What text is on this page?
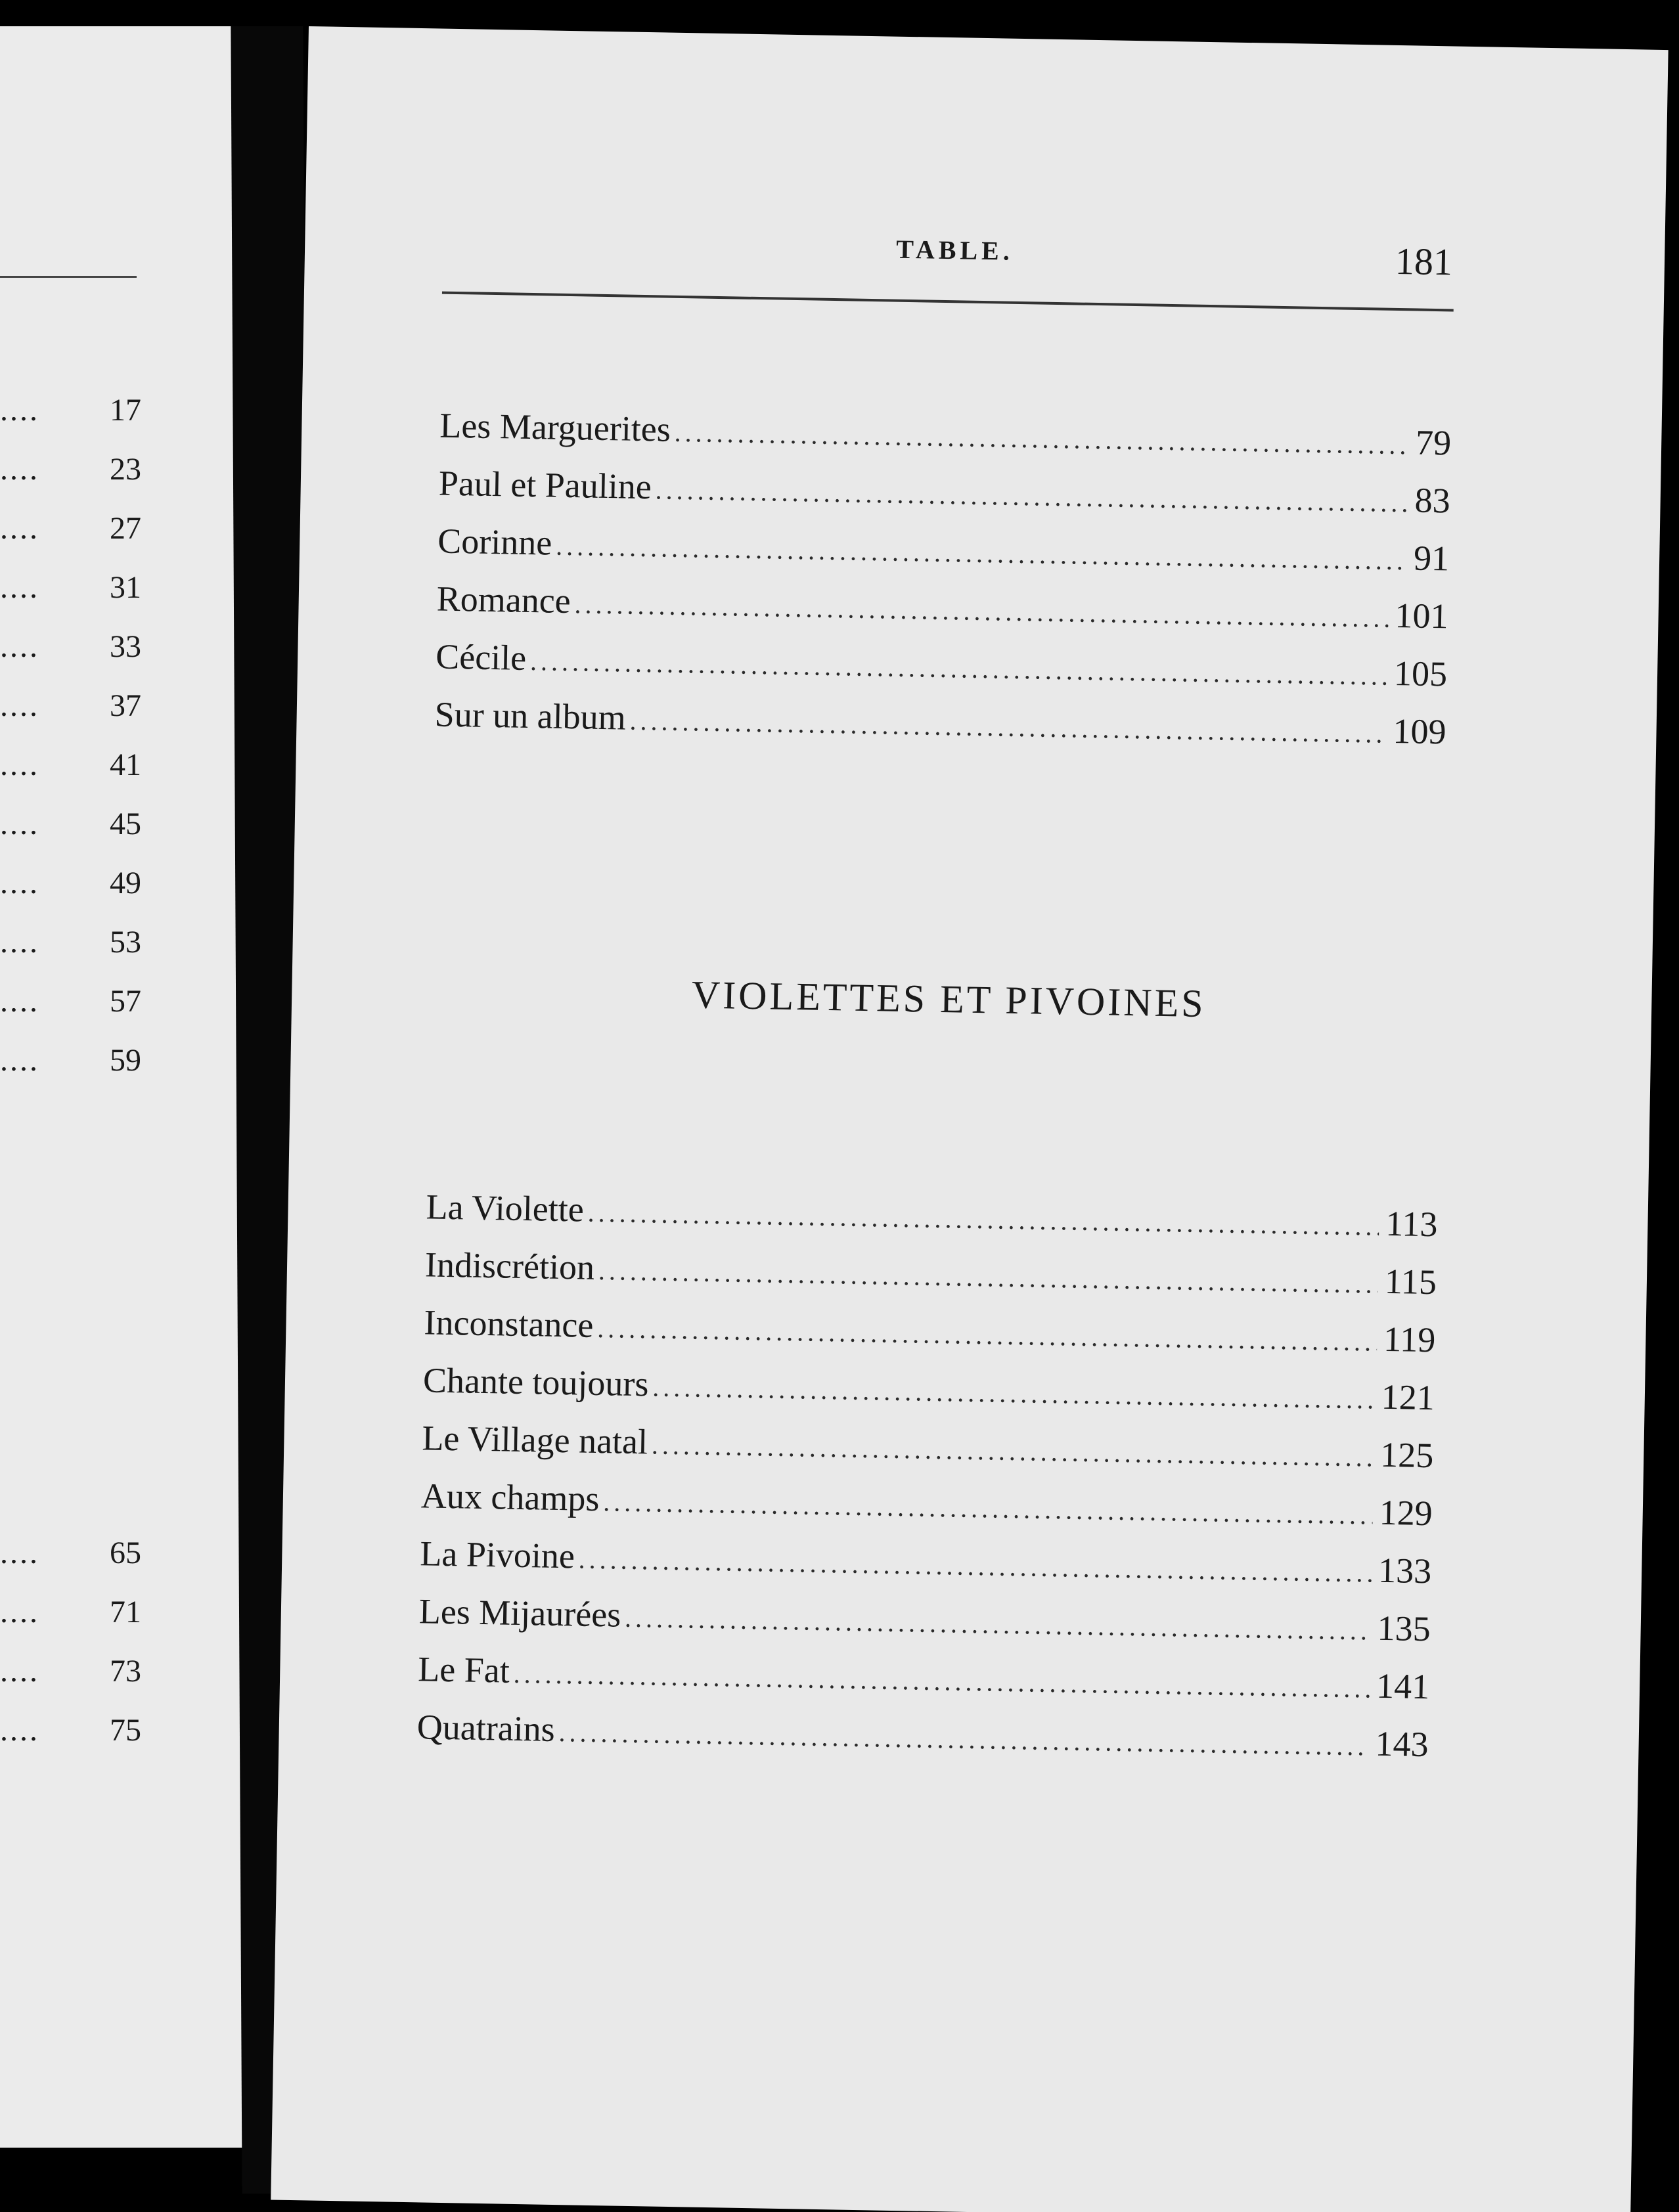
.... 17
.... 23
.... 27
.... 31
.... 33
.... 37
.... 41
.... 45
.... 49
.... 53
.... 57
.... 59
.... 65
.... 71
.... 73
.... 75
TABLE.	181
Les Marguerites .....	79
Paul et Pauline .....	83
Corinne .....	91
Romance .....	101
Cécile .....	105
Sur un album .....	109
VIOLETTES ET PIVOINES
La Violette .....	113
Indiscrétion .....	115
Inconstance .....	119
Chante toujours .....	121
Le Village natal .....	125
Aux champs .....	129
La Pivoine .....	133
Les Mijaurées .....	135
Le Fat .....	141
Quatrains .....	143
